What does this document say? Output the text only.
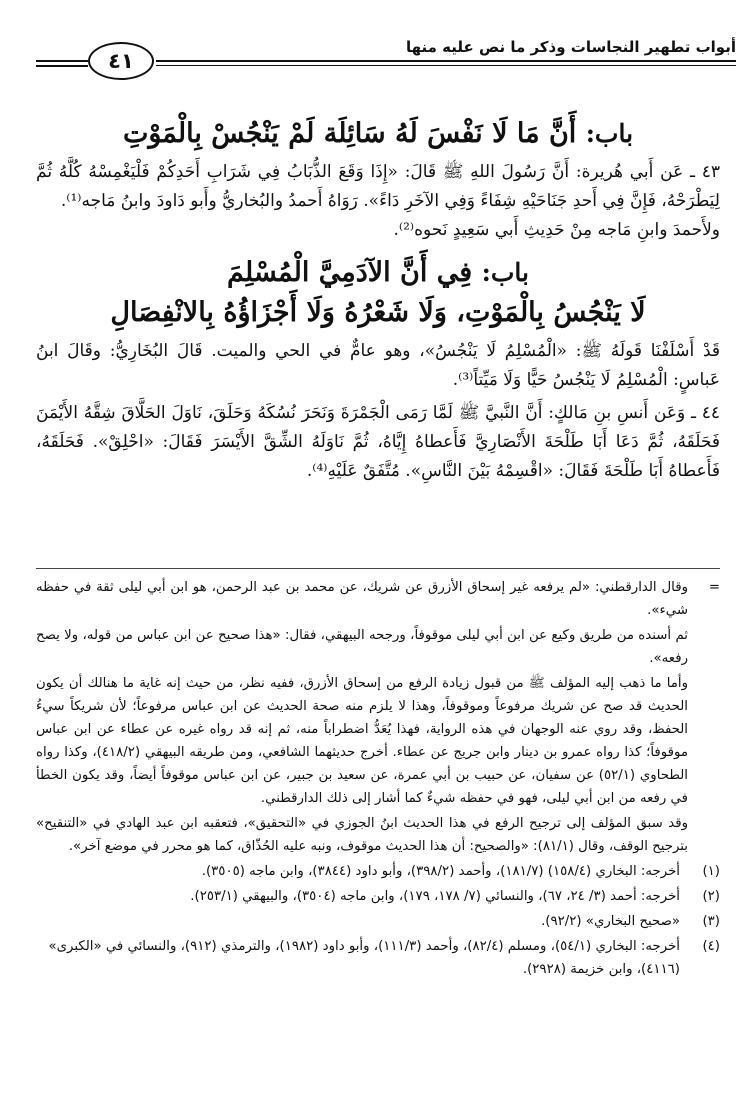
أبواب تطهير النجاسات وذكر ما نص عليه منها
٤١
باب: أَنَّ مَا لَا نَفْسَ لَهُ سَائِلَة لَمْ يَنْجُسْ بِالْمَوْتِ

٤٣ ـ عَن أَبي هُريرة: أَنَّ رَسُولَ اللهِ ﷺ قَالَ: «إِذَا وَقَعَ الذُّبَابُ فِي شَرَابِ أَحَدِكُمْ فَلْيَغْمِسْهُ كُلَّهُ ثُمَّ لِيَطْرَحْهُ، فَإِنَّ فِي أَحدِ جَنَاحَيْهِ شِفَاءً وَفِي الآخَرِ دَاءً». رَوَاهُ أَحمدُ والبُخاريُّ وأَبو دَاودَ وابنُ مَاجه⁽¹⁾.

ولأَحمدَ وابنِ مَاجه مِنْ حَدِيثِ أَبي سَعِيدٍ نَحوه⁽²⁾.

باب: فِي أَنَّ الآدَمِيَّ الْمُسْلِمَ
لَا يَنْجُسُ بِالْمَوْتِ، وَلَا شَعْرُهُ وَلَا أَجْزَاؤُهُ بِالانْفِصَالِ

قَدْ أَسْلَفْنَا قَولَهُ ﷺ: «الْمُسْلِمُ لَا يَنْجُسُ»، وهو عامٌّ في الحي والميت. قَالَ البُخَارِيُّ: وقَالَ ابنُ عَباسٍ: الْمُسْلِمُ لَا يَنْجُسُ حَيًّا وَلَا مَيِّتاً⁽³⁾.

٤٤ ـ وَعَن أَنسِ بنِ مَالكٍ: أَنَّ النَّبيَّ ﷺ لَمَّا رَمَى الْجَمْرَةَ وَنَحَرَ نُسُكَهُ وَحَلَقَ، نَاوَلَ الحَلَّاقَ شِقَّهُ الأَيْمَنَ فَحَلَقَهُ، ثُمَّ دَعَا أَبَا طَلْحَةَ الأَنْصَارِيَّ فَأَعطاهُ إِيَّاهُ، ثُمَّ نَاوَلَهُ الشِّقَّ الأَيْسَرَ فَقَالَ: «احْلِقْ». فَحَلَقَهُ، فَأَعطاهُ أَبَا طَلْحَةَ فَقَالَ: «اقْسِمْهُ بَيْنَ النَّاسِ». مُتَّفَقٌ عَلَيْهِ⁽⁴⁾.

=
وقال الدارقطني: «لم يرفعه غير إسحاق الأزرق عن شريك، عن محمد بن عبد الرحمن، هو ابن أبي ليلى ثقة في حفظه شيء».
ثم أسنده من طريق وكيع عن ابن أبي ليلى موقوفاً، ورجحه البيهقي، فقال: «هذا صحيح عن ابن عباس من قوله، ولا يصح رفعه».
وأما ما ذهب إليه المؤلف ﷺ من قبول زيادة الرفع من إسحاق الأزرق، ففيه نظر، من حيث إنه غاية ما هنالك أن يكون الحديث قد صح عن شريك مرفوعاً وموقوفاً، وهذا لا يلزم منه صحة الحديث عن ابن عباس مرفوعاً؛ لأن شريكاً سيءُ الحفظ، وقد روي عنه الوجهان في هذه الرواية، فهذا يُعَدُّ اضطراباً منه، ثم إنه قد رواه غيره عن عطاء عن ابن عباس موقوفاً؛ كذا رواه عمرو بن دينار وابن جريج عن عطاء. أخرج حديثهما الشافعي، ومن طريقه البيهقي (٤١٨/٢)، وكذا رواه الطحاوي (٥٢/١) عن سفيان، عن حبيب بن أبي عمرة، عن سعيد بن جبير، عن ابن عباس موقوفاً أيضاً، وقد يكون الخطأ في رفعه من ابن أبي ليلى، فهو في حفظه شيءٌ كما أشار إلى ذلك الدارقطني.
وقد سبق المؤلف إلى ترجيح الرفع في هذا الحديث ابنُ الجوزي في «التحقيق»، فتعقبه ابن عبد الهادي في «التنقيح» بترجيح الوقف، وقال (٨١/١): «والصحيح: أن هذا الحديث موقوف، ونبه عليه الحُذّاق، كما هو محرر في موضع آخر».
(١)
أخرجه: البخاري (١٥٨/٤) (١٨١/٧)، وأحمد (٣٩٨/٢)، وأبو داود (٣٨٤٤)، وابن ماجه (٣٥٠٥).
(٢)
أخرجه: أحمد (٣/ ٢٤، ٦٧)، والنسائي (٧/ ١٧٨، ١٧٩)، وابن ماجه (٣٥٠٤)، والبيهقي (٢٥٣/١).
(٣)
«صحيح البخاري» (٩٢/٢).
(٤)
أخرجه: البخاري (٥٤/١)، ومسلم (٨٢/٤)، وأحمد (١١١/٣)، وأبو داود (١٩٨٢)، والترمذي (٩١٢)، والنسائي في «الكبرى» (٤١١٦)، وابن خزيمة (٢٩٢٨).
